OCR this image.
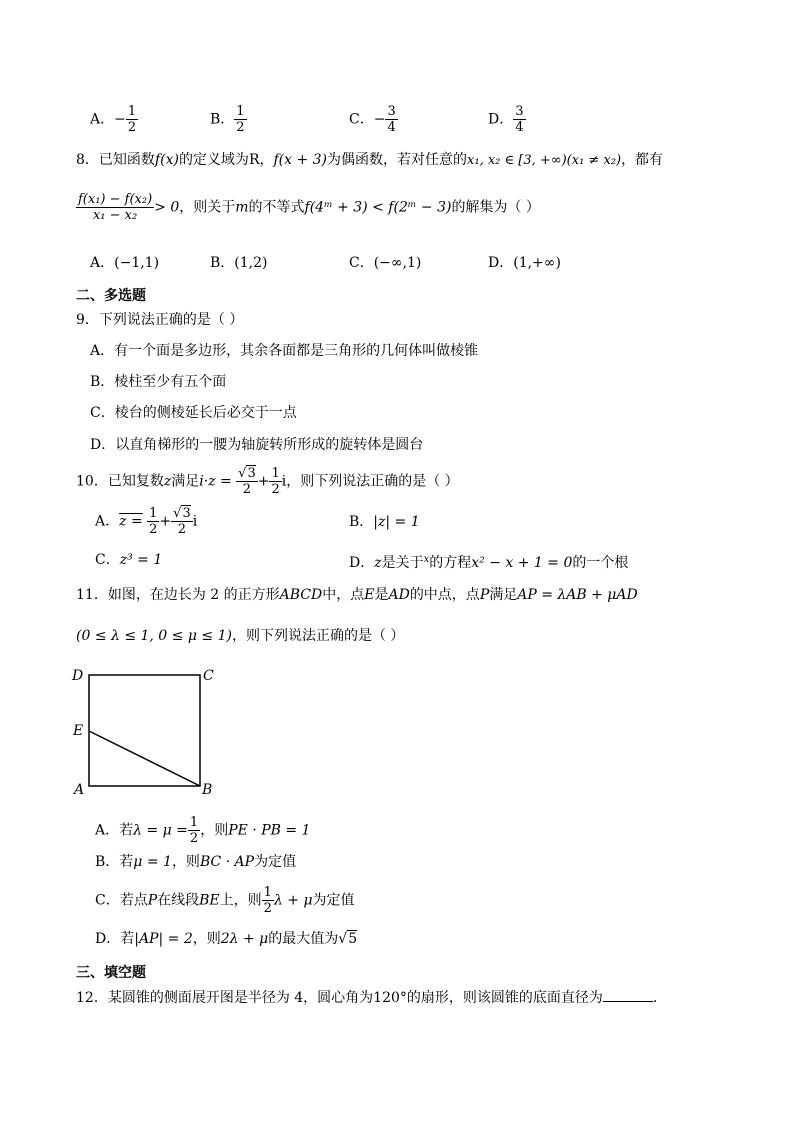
A．− $\frac{1}{2}$	B． $\frac{1}{2}$	C．− $\frac{3}{4}$	D． $\frac{3}{4}$
8．已知函数f(x)的定义域为R，f(x + 3)为偶函数，若对任意的x₁, x₂ ∈ [3, +∞)(x₁ ≠ x₂)，都有
$\frac{\text{f(x₁) − f(x₂)}}{\text{x₁ − x₂}} > 0$，则关于m的不等式f(4ᵐ + 3) < f(2ᵐ − 3)的解集为（ ）
A．(−1,1)	B．(1,2)	C．(−∞,1)	D．(1,+∞)
二、多选题
9．下列说法正确的是（ ）
A．有一个面是多边形，其余各面都是三角形的几何体叫做棱锥
B．棱柱至少有五个面
C．棱台的侧棱延长后必交于一点
D．以直角梯形的一腰为轴旋转所形成的旋转体是圆台
10．已知复数z满足$i\cdot z = \frac{√3}{2} + \frac{1}{2}$ i，则下列说法正确的是（ ）
A．$z = \frac{1}{2} + \frac{√3}{2}$ i	B．|z| = 1
C．z³ = 1	D．z是关于$^x$的方程x² − x + 1 = 0的一个根
11．如图，在边长为 2 的正方形ABCD中，点E是AD的中点，点P满足AP = λAB + μAD
(0 ≤ λ ≤ 1, 0 ≤ μ ≤ 1)，则下列说法正确的是（ ）
D	C
E
A	B
A．若$\lambda = \mu = \frac{1}{2}$ ，则PE · PB = 1
B．若μ = 1，则BC · AP为定值
C．若点P在线段BE上，则 $\frac{1}{2}$ λ + μ为定值
D．若|AP| = 2，则2λ + μ的最大值为√5
三、填空题
12．某圆锥的侧面展开图是半径为 4，圆心角为120°的扇形，则该圆锥的底面直径为	.
